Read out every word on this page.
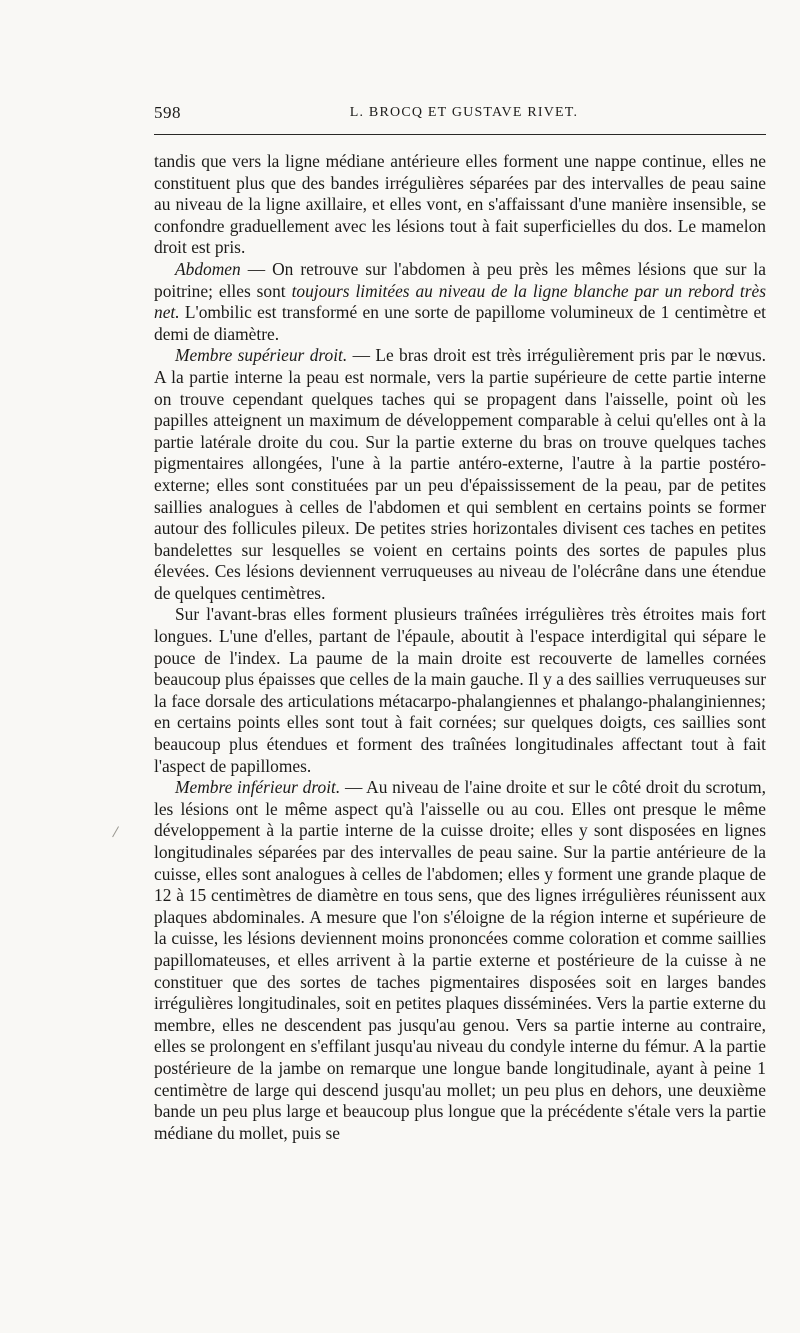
598	L. BROCQ ET GUSTAVE RIVET.

tandis que vers la ligne médiane antérieure elles forment une nappe continue, elles ne constituent plus que des bandes irrégulières séparées par des intervalles de peau saine au niveau de la ligne axillaire, et elles vont, en s'affaissant d'une manière insensible, se confondre graduellement avec les lésions tout à fait superficielles du dos. Le mamelon droit est pris.

Abdomen — On retrouve sur l'abdomen à peu près les mêmes lésions que sur la poitrine; elles sont toujours limitées au niveau de la ligne blanche par un rebord très net. L'ombilic est transformé en une sorte de papillome volumineux de 1 centimètre et demi de diamètre.

Membre supérieur droit. — Le bras droit est très irrégulièrement pris par le nœvus. A la partie interne la peau est normale, vers la partie supérieure de cette partie interne on trouve cependant quelques taches qui se propagent dans l'aisselle, point où les papilles atteignent un maximum de développement comparable à celui qu'elles ont à la partie latérale droite du cou. Sur la partie externe du bras on trouve quelques taches pigmentaires allongées, l'une à la partie antéro-externe, l'autre à la partie postéro-externe; elles sont constituées par un peu d'épaississement de la peau, par de petites saillies analogues à celles de l'abdomen et qui semblent en certains points se former autour des follicules pileux. De petites stries horizontales divisent ces taches en petites bandelettes sur lesquelles se voient en certains points des sortes de papules plus élevées. Ces lésions deviennent verruqueuses au niveau de l'olécrâne dans une étendue de quelques centimètres.

Sur l'avant-bras elles forment plusieurs traînées irrégulières très étroites mais fort longues. L'une d'elles, partant de l'épaule, aboutit à l'espace interdigital qui sépare le pouce de l'index. La paume de la main droite est recouverte de lamelles cornées beaucoup plus épaisses que celles de la main gauche. Il y a des saillies verruqueuses sur la face dorsale des articulations métacarpo-phalangiennes et phalango-phalanginiennes; en certains points elles sont tout à fait cornées; sur quelques doigts, ces saillies sont beaucoup plus étendues et forment des traînées longitudinales affectant tout à fait l'aspect de papillomes.

Membre inférieur droit. — Au niveau de l'aine droite et sur le côté droit du scrotum, les lésions ont le même aspect qu'à l'aisselle ou au cou. Elles ont presque le même développement à la partie interne de la cuisse droite; elles y sont disposées en lignes longitudinales séparées par des intervalles de peau saine. Sur la partie antérieure de la cuisse, elles sont analogues à celles de l'abdomen; elles y forment une grande plaque de 12 à 15 centimètres de diamètre en tous sens, que des lignes irrégulières réunissent aux plaques abdominales. A mesure que l'on s'éloigne de la région interne et supérieure de la cuisse, les lésions deviennent moins prononcées comme coloration et comme saillies papillomateuses, et elles arrivent à la partie externe et postérieure de la cuisse à ne constituer que des sortes de taches pigmentaires disposées soit en larges bandes irrégulières longitudinales, soit en petites plaques disséminées. Vers la partie externe du membre, elles ne descendent pas jusqu'au genou. Vers sa partie interne au contraire, elles se prolongent en s'effilant jusqu'au niveau du condyle interne du fémur. A la partie postérieure de la jambe on remarque une longue bande longitudinale, ayant à peine 1 centimètre de large qui descend jusqu'au mollet; un peu plus en dehors, une deuxième bande un peu plus large et beaucoup plus longue que la précédente s'étale vers la partie médiane du mollet, puis se
